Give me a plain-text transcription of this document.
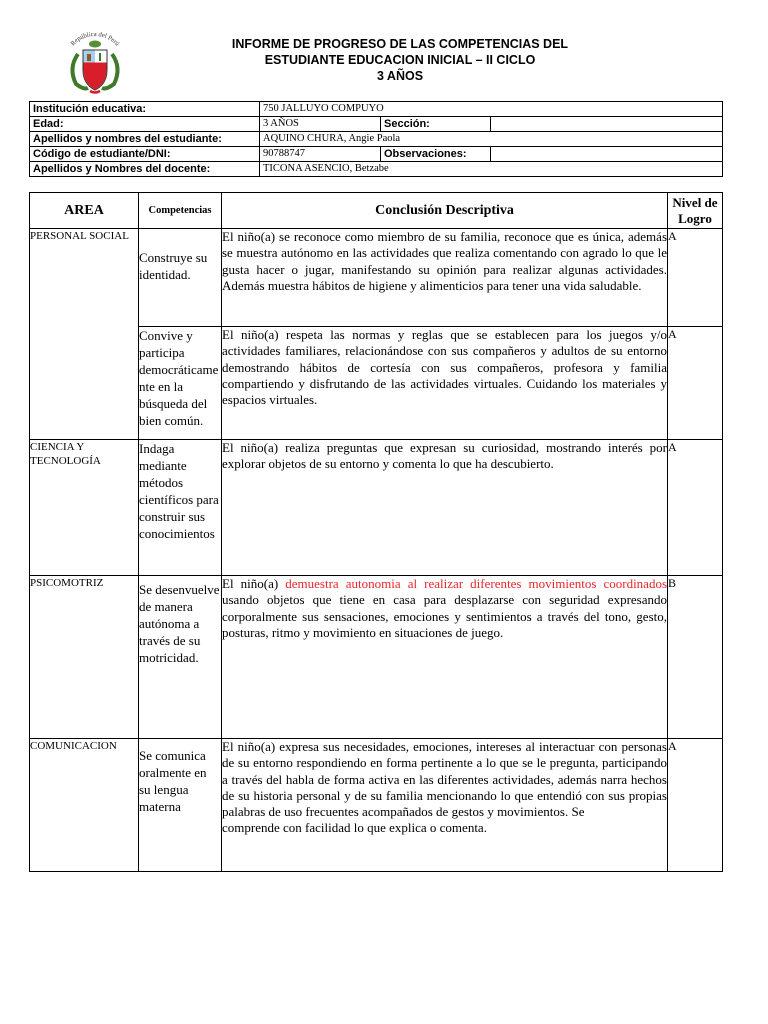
República del Perú	INFORME DE PROGRESO DE LAS COMPETENCIAS DEL
ESTUDIANTE EDUCACION INICIAL – II CICLO
3 AÑOS
Institución educativa:	750 JALLUYO COMPUYO		
Edad:	3 AÑOS	Sección:	
Apellidos y nombres del estudiante:	AQUINO CHURA, Angie Paola		
Código de estudiante/DNI:	90788747	Observaciones:	
Apellidos y Nombres del docente:	TICONA ASENCIO, Betzabe		
AREA	Competencias	Conclusión Descriptiva	Nivel de Logro
PERSONAL SOCIAL	Construye su identidad.	El niño(a) se reconoce como miembro de su familia, reconoce que es única, además se muestra autónomo en las actividades que realiza comentando con agrado lo que le gusta hacer o jugar, manifestando su opinión para realizar algunas actividades. Además muestra hábitos de higiene y alimenticios para tener una vida saludable.	A
	Convive y participa democráticamente en la búsqueda del bien común.	El niño(a) respeta las normas y reglas que se establecen para los juegos y/o actividades familiares, relacionándose con sus compañeros y adultos de su entorno demostrando hábitos de cortesía con sus compañeros, profesora y familia compartiendo y disfrutando de las actividades virtuales. Cuidando los materiales y espacios virtuales.	A
CIENCIA Y TECNOLOGÍA	Indaga mediante métodos científicos para construir sus conocimientos	El niño(a) realiza preguntas que expresan su curiosidad, mostrando interés por explorar objetos de su entorno y comenta lo que ha descubierto.	A
PSICOMOTRIZ	Se desenvuelve de manera autónoma a través de su motricidad.	El niño(a) demuestra autonomia al realizar diferentes movimientos coordinados usando objetos que tiene en casa para desplazarse con seguridad expresando corporalmente sus sensaciones, emociones y sentimientos a través del tono, gesto, posturas, ritmo y movimiento en situaciones de juego.	B
COMUNICACION	Se comunica oralmente en su lengua materna	El niño(a) expresa sus necesidades, emociones, intereses al interactuar con personas de su entorno respondiendo en forma pertinente a lo que se le pregunta, participando a través del habla de forma activa en las diferentes actividades, además narra hechos de su historia personal y de su familia mencionando lo que entendió con sus propias palabras de uso frecuentes acompañados de gestos y movimientos. Se
comprende con facilidad lo que explica o comenta.	A
